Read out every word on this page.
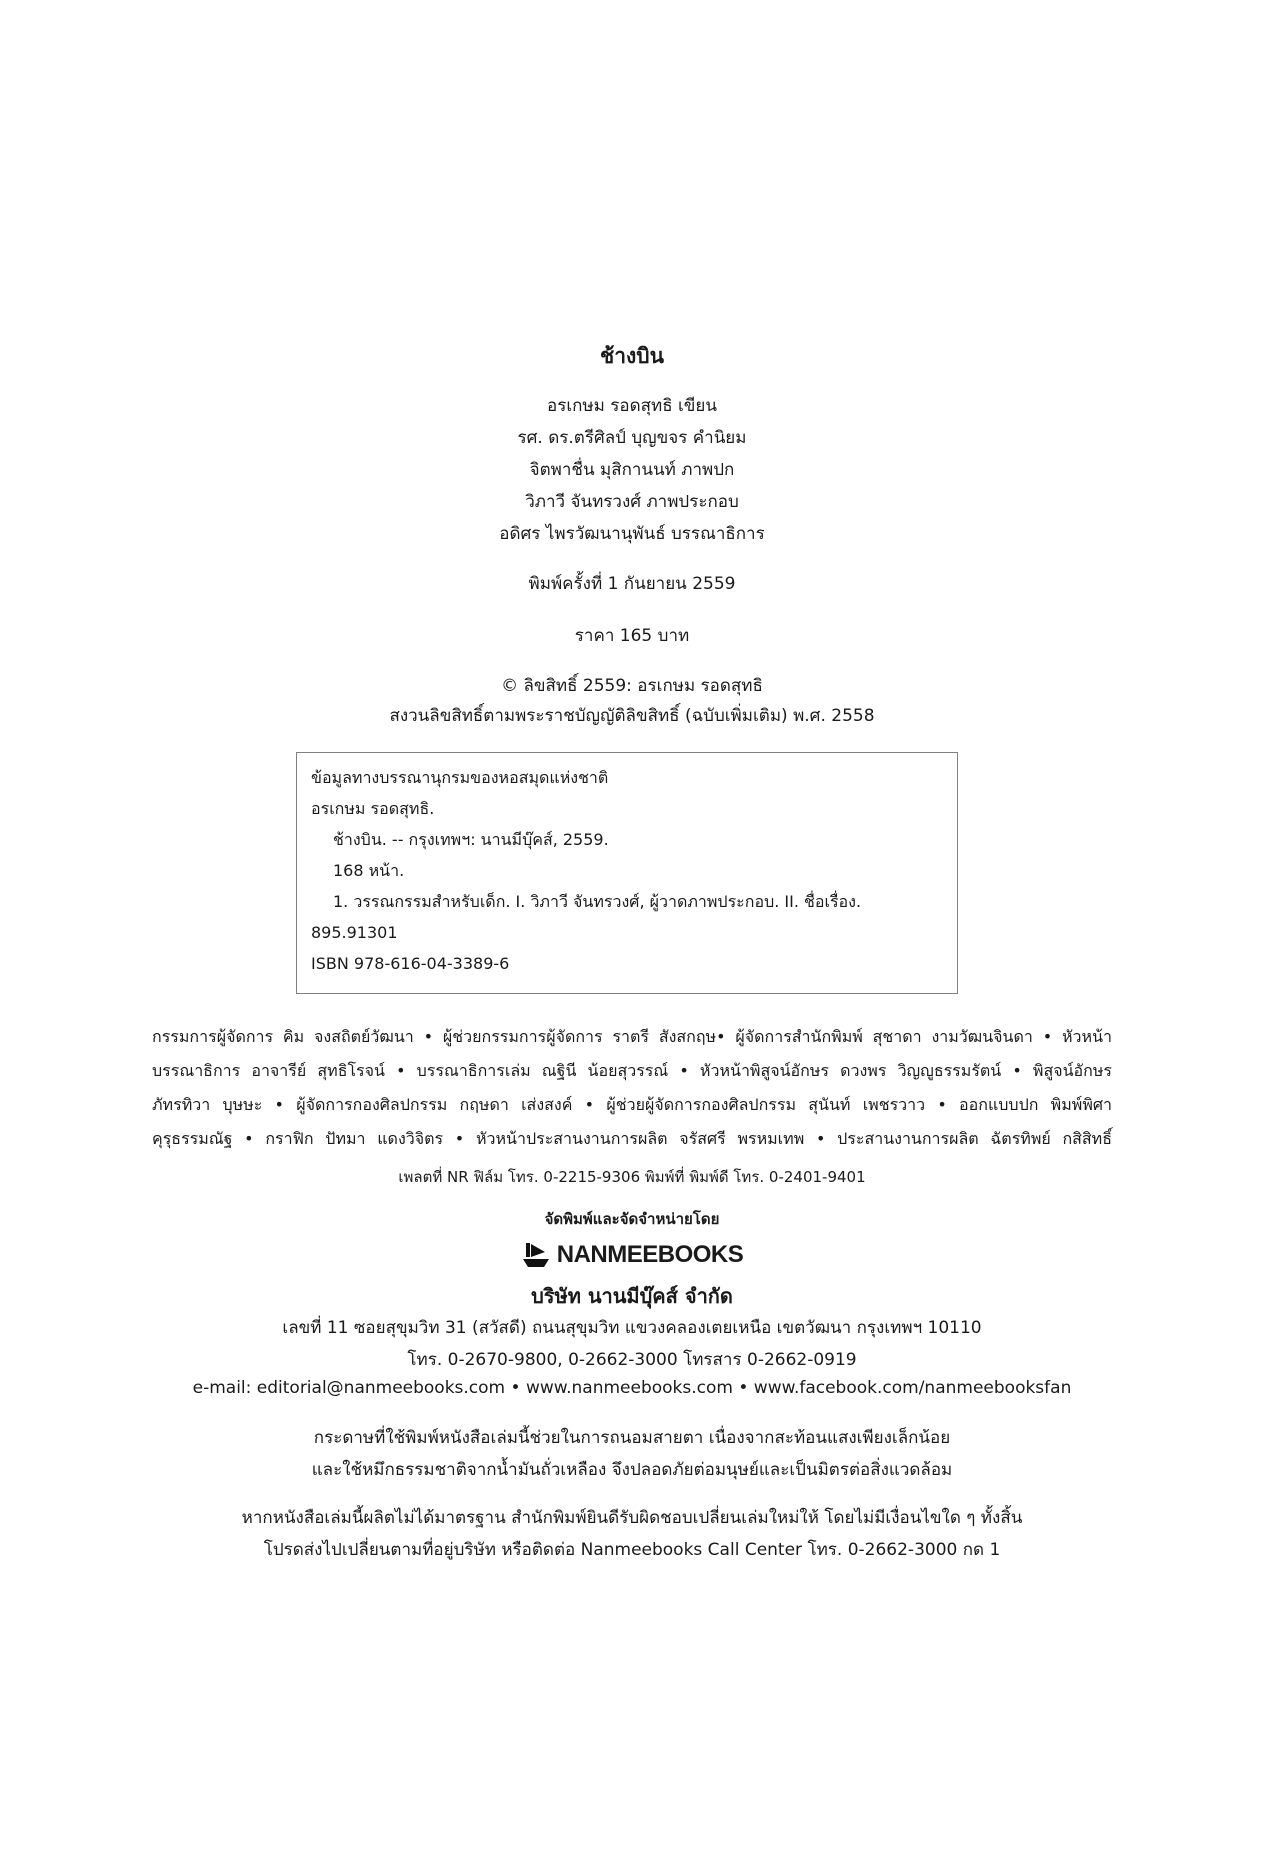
ช้างบิน
อรเกษม รอดสุทธิ เขียน
รศ. ดร.ตรีศิลป์ บุญขจร คำนิยม
จิตพาชื่น มุสิกานนท์ ภาพปก
วิภาวี จันทรวงศ์ ภาพประกอบ
อดิศร ไพรวัฒนานุพันธ์ บรรณาธิการ
พิมพ์ครั้งที่ 1 กันยายน 2559
ราคา 165 บาท
© ลิขสิทธิ์ 2559: อรเกษม รอดสุทธิ
สงวนลิขสิทธิ์ตามพระราชบัญญัติลิขสิทธิ์ (ฉบับเพิ่มเติม) พ.ศ. 2558
ข้อมูลทางบรรณานุกรมของหอสมุดแห่งชาติ
อรเกษม รอดสุทธิ.
ช้างบิน. -- กรุงเทพฯ: นานมีบุ๊คส์, 2559.
168 หน้า.
1. วรรณกรรมสำหรับเด็ก. I. วิภาวี จันทรวงศ์, ผู้วาดภาพประกอบ. II. ชื่อเรื่อง.
895.91301
ISBN 978-616-04-3389-6
กรรมการผู้จัดการ คิม จงสถิตย์วัฒนา • ผู้ช่วยกรรมการผู้จัดการ ราตรี สังสกฤษ• ผู้จัดการสำนักพิมพ์ สุชาดา งามวัฒนจินดา • หัวหน้า
บรรณาธิการ อาจารีย์ สุทธิโรจน์ • บรรณาธิการเล่ม ณฐินี น้อยสุวรรณ์ • หัวหน้าพิสูจน์อักษร ดวงพร วิญญูธรรมรัตน์ • พิสูจน์อักษร
ภัทรทิวา บุษษะ • ผู้จัดการกองศิลปกรรม กฤษดา เส่งสงค์ • ผู้ช่วยผู้จัดการกองศิลปกรรม สุนันท์ เพชรวาว • ออกแบบปก พิมพ์พิศา
คุรุธรรมณัฐ • กราฟิก ปัทมา แดงวิจิตร • หัวหน้าประสานงานการผลิต จรัสศรี พรหมเทพ • ประสานงานการผลิต ฉัตรทิพย์ กสิสิทธิ์
เพลตที่ NR ฟิล์ม โทร. 0-2215-9306 พิมพ์ที่ พิมพ์ดี โทร. 0-2401-9401
จัดพิมพ์และจัดจำหน่ายโดย
NANMEEBOOKS
บริษัท นานมีบุ๊คส์ จำกัด
เลขที่ 11 ซอยสุขุมวิท 31 (สวัสดี) ถนนสุขุมวิท แขวงคลองเตยเหนือ เขตวัฒนา กรุงเทพฯ 10110
โทร. 0-2670-9800, 0-2662-3000 โทรสาร 0-2662-0919
e-mail: editorial@nanmeebooks.com • www.nanmeebooks.com • www.facebook.com/nanmeebooksfan
กระดาษที่ใช้พิมพ์หนังสือเล่มนี้ช่วยในการถนอมสายตา เนื่องจากสะท้อนแสงเพียงเล็กน้อย
และใช้หมึกธรรมชาติจากน้ำมันถั่วเหลือง จึงปลอดภัยต่อมนุษย์และเป็นมิตรต่อสิ่งแวดล้อม
หากหนังสือเล่มนี้ผลิตไม่ได้มาตรฐาน สำนักพิมพ์ยินดีรับผิดชอบเปลี่ยนเล่มใหม่ให้ โดยไม่มีเงื่อนไขใด ๆ ทั้งสิ้น
โปรดส่งไปเปลี่ยนตามที่อยู่บริษัท หรือติดต่อ Nanmeebooks Call Center โทร. 0-2662-3000 กด 1
